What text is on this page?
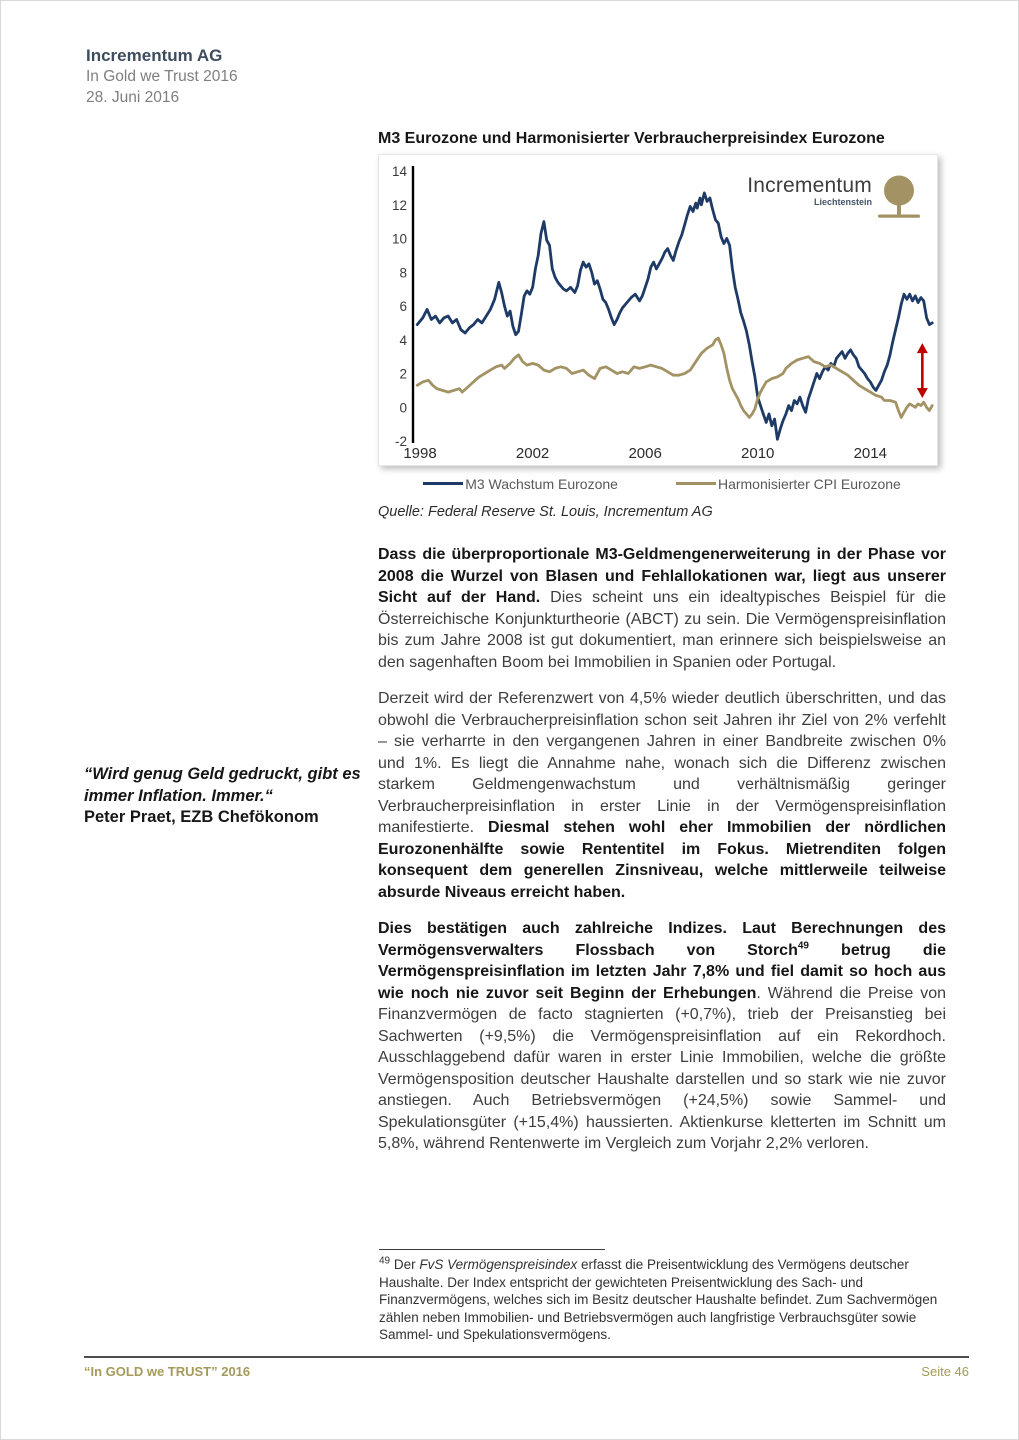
Incrementum AG
In Gold we Trust 2016
28. Juni 2016
M3 Eurozone und Harmonisierter Verbraucherpreisindex Eurozone
-2
0
2
4
6
8
10
12
14
1998	2002	2006	2010	2014
Incrementum
Liechtenstein
M3 Wachstum Eurozone	Harmonisierter CPI Eurozone
Quelle: Federal Reserve St. Louis, Incrementum AG
Dass die überproportionale M3-Geldmengenerweiterung in der Phase vor 2008 die Wurzel von Blasen und Fehlallokationen war, liegt aus unserer Sicht auf der Hand. Dies scheint uns ein idealtypisches Beispiel für die Österreichische Konjunkturtheorie (ABCT) zu sein. Die Vermögenspreisinflation bis zum Jahre 2008 ist gut dokumentiert, man erinnere sich beispielsweise an den sagenhaften Boom bei Immobilien in Spanien oder Portugal.
Derzeit wird der Referenzwert von 4,5% wieder deutlich überschritten, und das obwohl die Verbraucherpreisinflation schon seit Jahren ihr Ziel von 2% verfehlt – sie verharrte in den vergangenen Jahren in einer Bandbreite zwischen 0% und 1%. Es liegt die Annahme nahe, wonach sich die Differenz zwischen starkem Geldmengenwachstum und verhältnismäßig geringer Verbraucherpreisinflation in erster Linie in der Vermögenspreisinflation manifestierte. Diesmal stehen wohl eher Immobilien der nördlichen Eurozonenhälfte sowie Rententitel im Fokus. Mietrenditen folgen konsequent dem generellen Zinsniveau, welche mittlerweile teilweise absurde Niveaus erreicht haben.
Dies bestätigen auch zahlreiche Indizes. Laut Berechnungen des Vermögensverwalters Flossbach von Storch$^{49}$ betrug die Vermögenspreisinflation im letzten Jahr 7,8% und fiel damit so hoch aus wie noch nie zuvor seit Beginn der Erhebungen. Während die Preise von Finanzvermögen de facto stagnierten (+0,7%), trieb der Preisanstieg bei Sachwerten (+9,5%) die Vermögenspreisinflation auf ein Rekordhoch. Ausschlaggebend dafür waren in erster Linie Immobilien, welche die größte Vermögensposition deutscher Haushalte darstellen und so stark wie nie zuvor anstiegen. Auch Betriebsvermögen (+24,5%) sowie Sammel- und Spekulationsgüter (+15,4%) haussierten. Aktienkurse kletterten im Schnitt um 5,8%, während Rentenwerte im Vergleich zum Vorjahr 2,2% verloren.
“Wird genug Geld gedruckt, gibt es immer Inflation. Immer.“
Peter Praet, EZB Chefökonom
$^{49}$ Der FvS Vermögenspreisindex erfasst die Preisentwicklung des Vermögens deutscher Haushalte. Der Index entspricht der gewichteten Preisentwicklung des Sach- und Finanzvermögens, welches sich im Besitz deutscher Haushalte befindet. Zum Sachvermögen zählen neben Immobilien- und Betriebsvermögen auch langfristige Verbrauchsgüter sowie Sammel- und Spekulationsvermögens.
“In GOLD we TRUST” 2016	Seite 46
